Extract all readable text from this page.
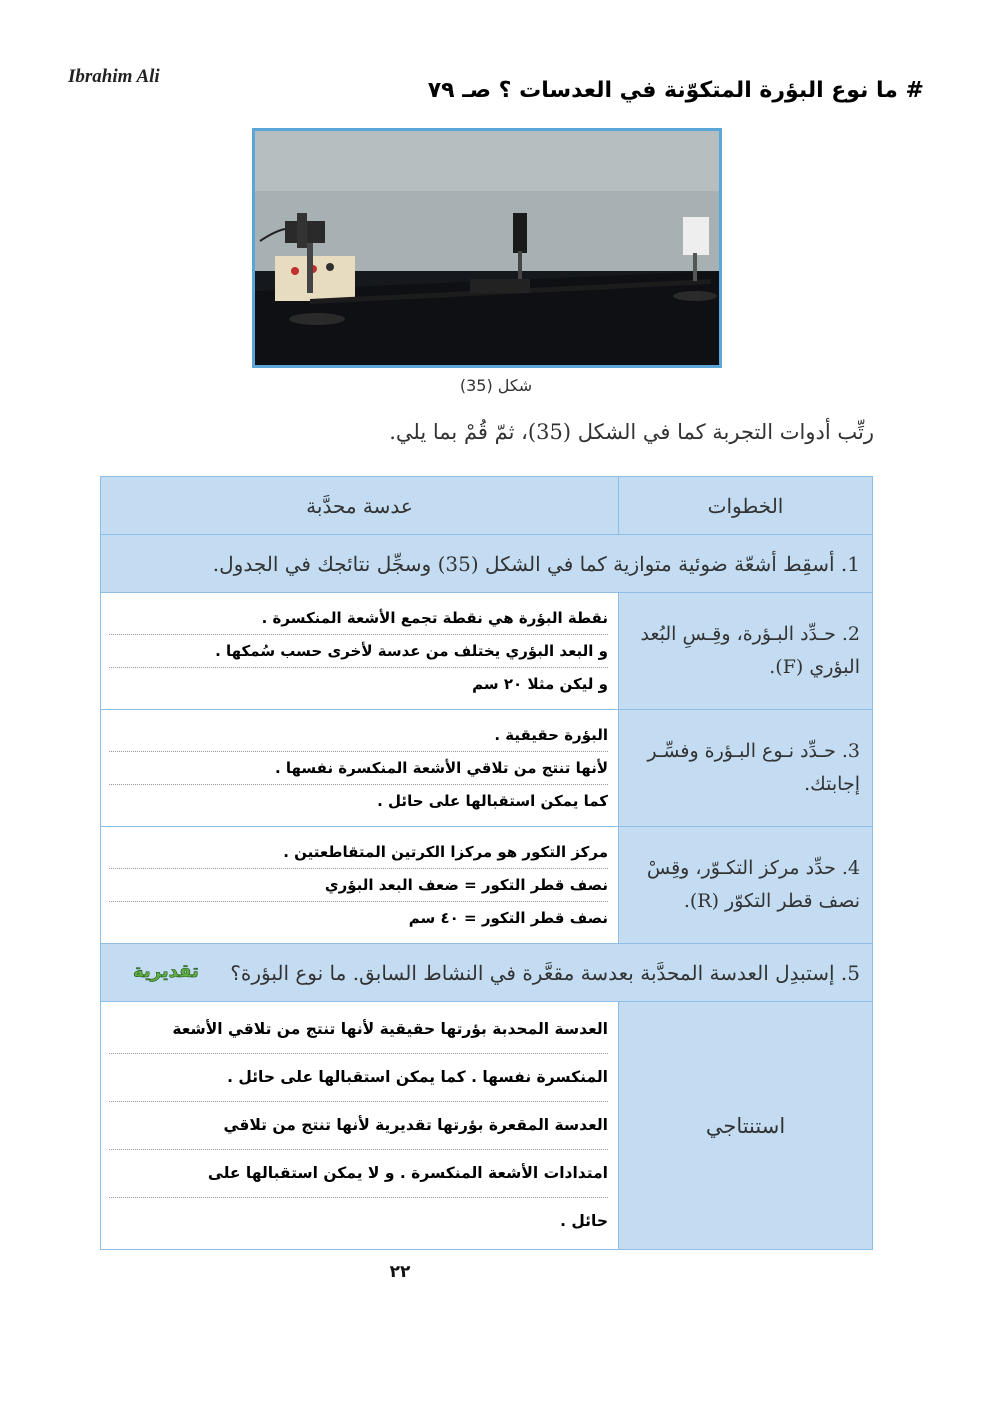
Ibrahim Ali
# ما نوع البؤرة المتكوّنة في العدسات ؟ صـ ٧٩
شكل (35)
رتِّب أدوات التجربة كما في الشكل (35)، ثمّ قُمْ بما يلي.
الخطوات	عدسة محدَّبة
1. أسقِط أشعّة ضوئية متوازية كما في الشكل (35) وسجِّل نتائجك في الجدول.	
2. حـدِّد البـؤرة، وقِـسِ البُعد البؤري (F).	نقطة البؤرة هي نقطة تجمع الأشعة المنكسرة .
و البعد البؤري يختلف من عدسة لأخرى حسب سُمكها .
و ليكن مثلا ٢٠ سم

3. حـدِّد نـوع البـؤرة وفسِّـر إجابتك.	البؤرة حقيقية .
لأنها تنتج من تلاقي الأشعة المنكسرة نفسها .
كما يمكن استقبالها على حائل .

4. حدِّد مركز التكـوّر، وقِسْ نصف قطر التكوّر (R).	مركز التكور هو مركزا الكرتين المتقاطعتين .
نصف قطر التكور = ضعف البعد البؤري
نصف قطر التكور = ٤٠ سم

5. إستبدِل العدسة المحدَّبة بعدسة مقعَّرة في النشاط السابق. ما نوع البؤرة؟
تقديرية	

استنتاجي	العدسة المحدبة بؤرتها حقيقية لأنها تنتج من تلاقي الأشعة
المنكسرة نفسها . كما يمكن استقبالها على حائل .
العدسة المقعرة بؤرتها تقديرية لأنها تنتج من تلاقي
امتدادات الأشعة المنكسرة . و لا يمكن استقبالها على
حائل .
٢٢
